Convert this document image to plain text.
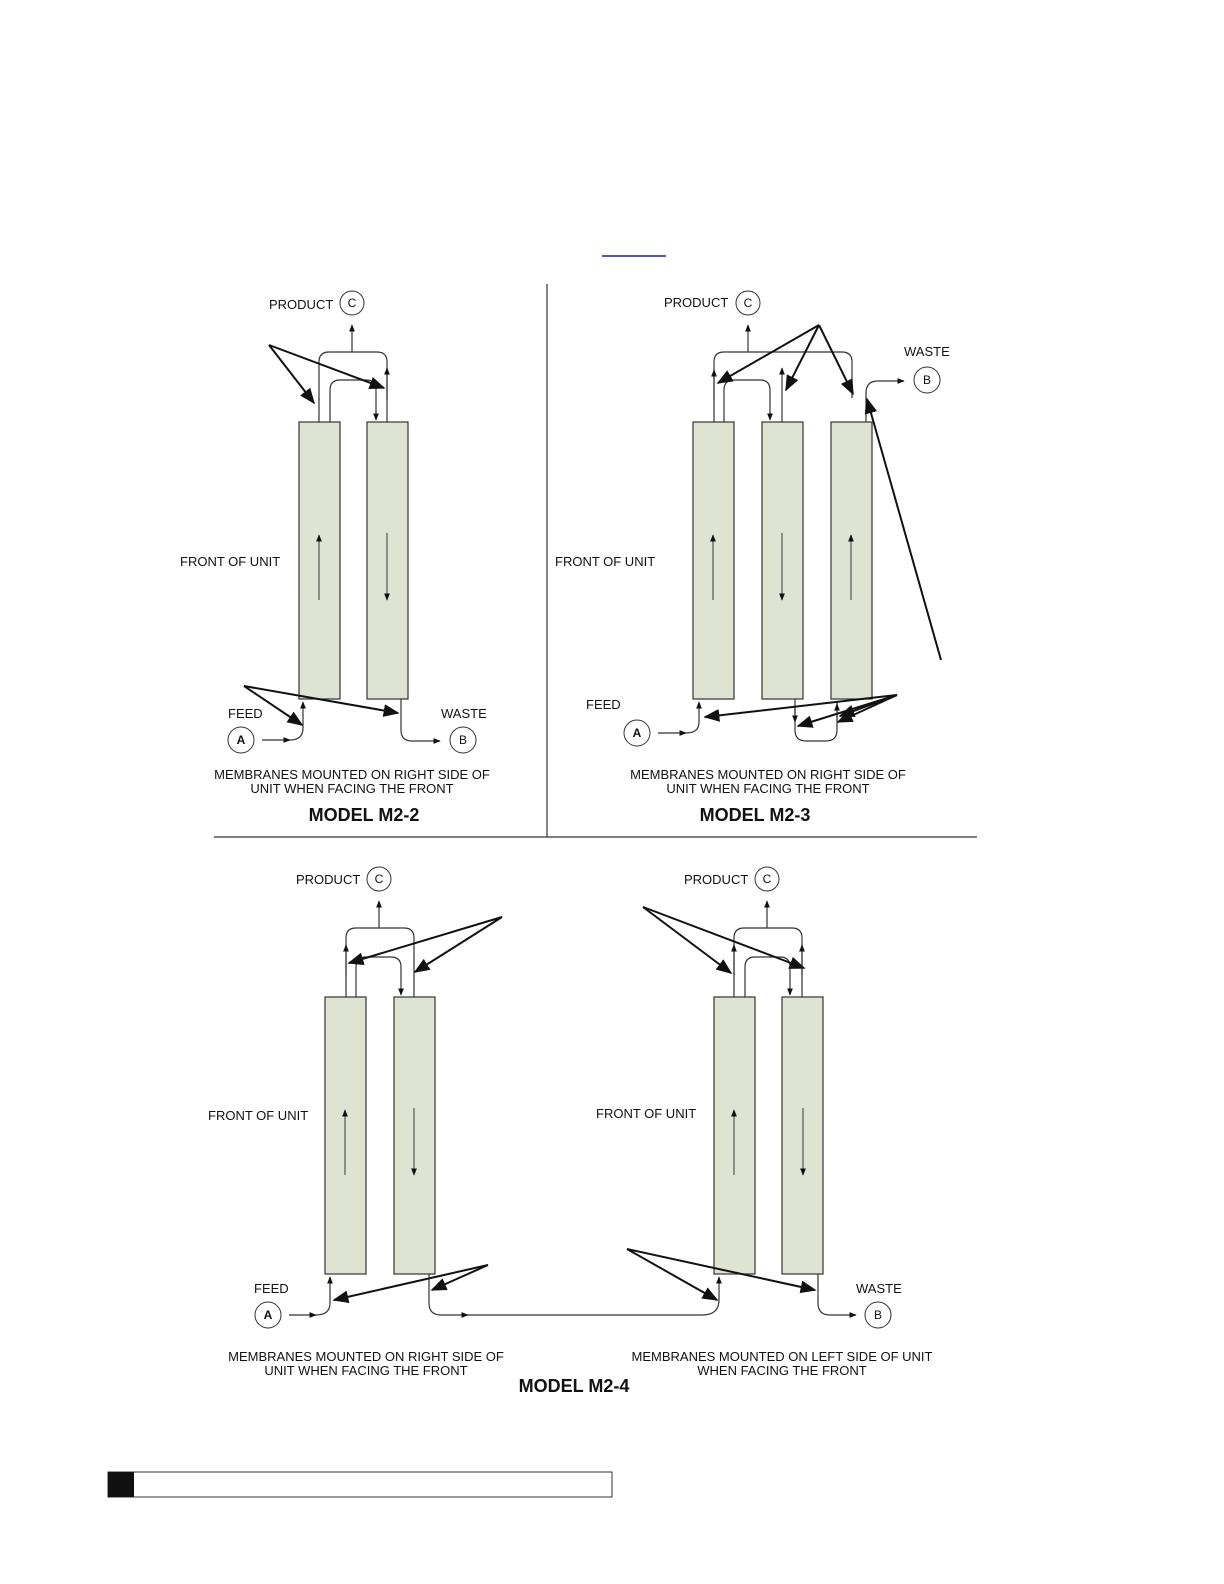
PRODUCT C
FRONT OF UNIT
FEED	WASTE
A	B
MEMBRANES MOUNTED ON RIGHT SIDE OF
UNIT WHEN FACING THE FRONT
MODEL M2-2
PRODUCT C
WASTE
B
FRONT OF UNIT
FEED
A
MEMBRANES MOUNTED ON RIGHT SIDE OF
UNIT WHEN FACING THE FRONT
MODEL M2-3
PRODUCT C
FRONT OF UNIT
FEED
A
MEMBRANES MOUNTED ON RIGHT SIDE OF
UNIT WHEN FACING THE FRONT
PRODUCT C
FRONT OF UNIT
WASTE
B
MEMBRANES MOUNTED ON LEFT SIDE OF UNIT
WHEN FACING THE FRONT
MODEL M2-4
